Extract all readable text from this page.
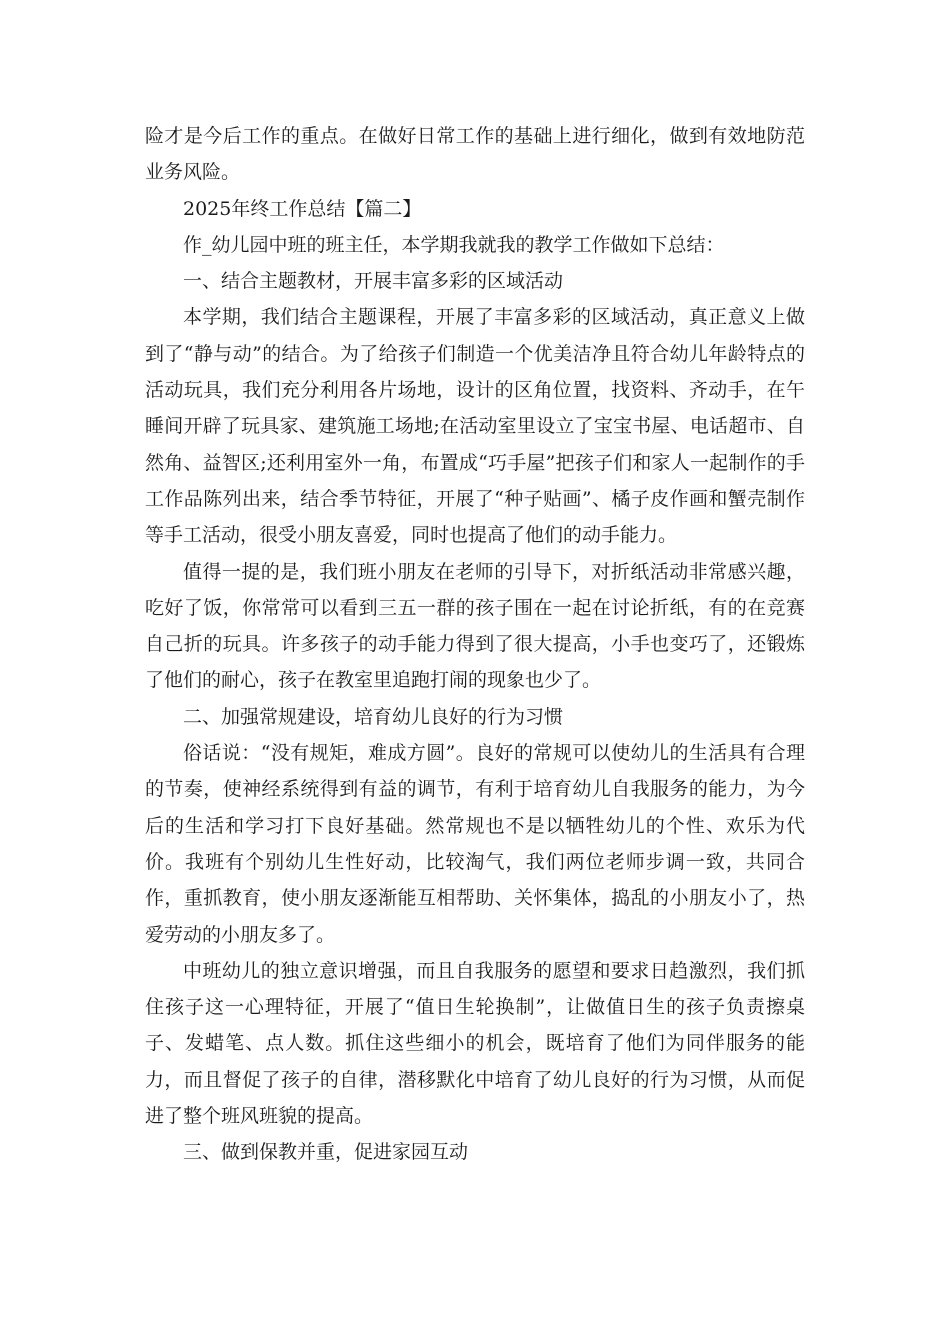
险才是今后工作的重点。在做好日常工作的基础上进行细化，做到有效地防范业务风险。

2025年终工作总结【篇二】

作_幼儿园中班的班主任，本学期我就我的教学工作做如下总结：

一、结合主题教材，开展丰富多彩的区域活动

本学期，我们结合主题课程，开展了丰富多彩的区域活动，真正意义上做到了“静与动”的结合。为了给孩子们制造一个优美洁净且符合幼儿年龄特点的活动玩具，我们充分利用各片场地，设计的区角位置，找资料、齐动手，在午睡间开辟了玩具家、建筑施工场地;在活动室里设立了宝宝书屋、电话超市、自然角、益智区;还利用室外一角，布置成“巧手屋”把孩子们和家人一起制作的手工作品陈列出来，结合季节特征，开展了“种子贴画”、橘子皮作画和蟹壳制作等手工活动，很受小朋友喜爱，同时也提高了他们的动手能力。

值得一提的是，我们班小朋友在老师的引导下，对折纸活动非常感兴趣，吃好了饭，你常常可以看到三五一群的孩子围在一起在讨论折纸，有的在竞赛自己折的玩具。许多孩子的动手能力得到了很大提高，小手也变巧了，还锻炼了他们的耐心，孩子在教室里追跑打闹的现象也少了。

二、加强常规建设，培育幼儿良好的行为习惯

俗话说：“没有规矩，难成方圆”。良好的常规可以使幼儿的生活具有合理的节奏，使神经系统得到有益的调节，有利于培育幼儿自我服务的能力，为今后的生活和学习打下良好基础。然常规也不是以牺牲幼儿的个性、欢乐为代价。我班有个别幼儿生性好动，比较淘气，我们两位老师步调一致，共同合作，重抓教育，使小朋友逐渐能互相帮助、关怀集体，捣乱的小朋友小了，热爱劳动的小朋友多了。

中班幼儿的独立意识增强，而且自我服务的愿望和要求日趋激烈，我们抓住孩子这一心理特征，开展了“值日生轮换制”，让做值日生的孩子负责擦桌子、发蜡笔、点人数。抓住这些细小的机会，既培育了他们为同伴服务的能力，而且督促了孩子的自律，潜移默化中培育了幼儿良好的行为习惯，从而促进了整个班风班貌的提高。

三、做到保教并重，促进家园互动
